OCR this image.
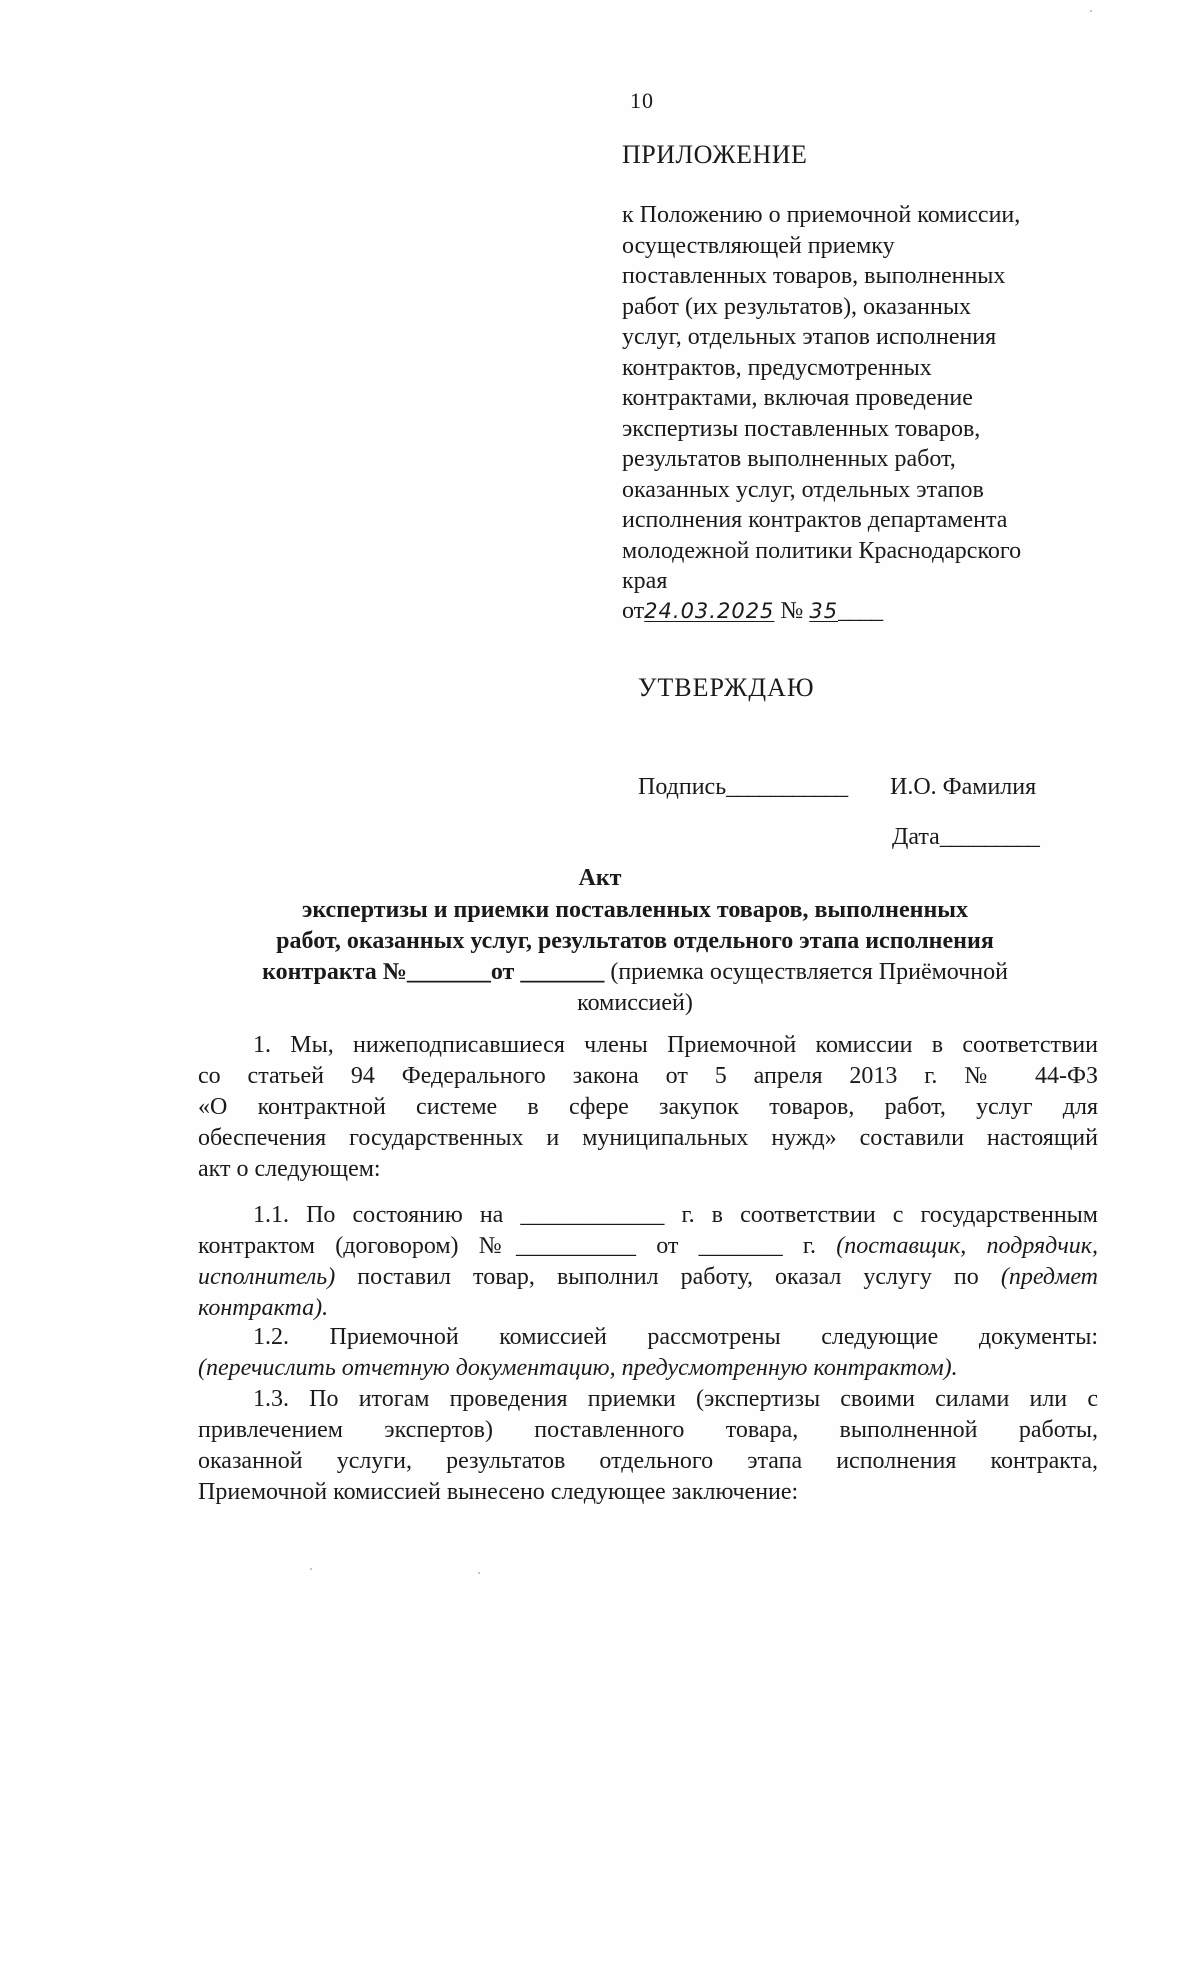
10
ПРИЛОЖЕНИЕ
к Положению о приемочной комиссии,
осуществляющей приемку
поставленных товаров, выполненных
работ (их результатов), оказанных
услуг, отдельных этапов исполнения
контрактов, предусмотренных
контрактами, включая проведение
экспертизы поставленных товаров,
результатов выполненных работ,
оказанных услуг, отдельных этапов
исполнения контрактов департамента
молодежной политики Краснодарского
края
от24.03.2025 № 35____
УТВЕРЖДАЮ
Подпись___________ И.О. Фамилия
Дата_________
Акт
экспертизы и приемки поставленных товаров, выполненных
работ, оказанных услуг, результатов отдельного этапа исполнения
контракта №_______от _______ (приемка осуществляется Приёмочной
комиссией)
1. Мы, нижеподписавшиеся члены Приемочной комиссии в соответствии
со статьей 94 Федерального закона от 5 апреля 2013 г. № 44-ФЗ
«О контрактной системе в сфере закупок товаров, работ, услуг для
обеспечения государственных и муниципальных нужд» составили настоящий
акт о следующем:
1.1. По состоянию на ____________ г. в соответствии с государственным
контрактом (договором) №__________ от _______ г. (поставщик, подрядчик,
исполнитель) поставил товар, выполнил работу, оказал услугу по (предмет
контракта).
1.2. Приемочной комиссией рассмотрены следующие документы:
(перечислить отчетную документацию, предусмотренную контрактом).
1.3. По итогам проведения приемки (экспертизы своими силами или с
привлечением экспертов) поставленного товара, выполненной работы,
оказанной услуги, результатов отдельного этапа исполнения контракта,
Приемочной комиссией вынесено следующее заключение:
